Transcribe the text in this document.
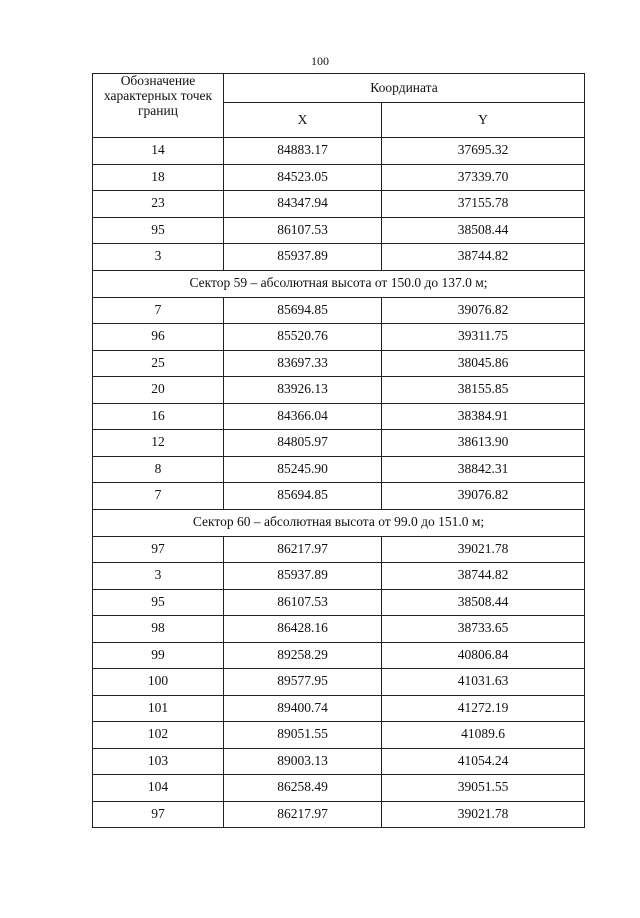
100
Обозначение характерных точек границ	Координата	
	X	Y
14	84883.17	37695.32
18	84523.05	37339.70
23	84347.94	37155.78
95	86107.53	38508.44
3	85937.89	38744.82
Сектор 59 – абсолютная высота от 150.0 до 137.0 м;		
7	85694.85	39076.82
96	85520.76	39311.75
25	83697.33	38045.86
20	83926.13	38155.85
16	84366.04	38384.91
12	84805.97	38613.90
8	85245.90	38842.31
7	85694.85	39076.82
Сектор 60 – абсолютная высота от 99.0 до 151.0 м;		
97	86217.97	39021.78
3	85937.89	38744.82
95	86107.53	38508.44
98	86428.16	38733.65
99	89258.29	40806.84
100	89577.95	41031.63
101	89400.74	41272.19
102	89051.55	41089.6
103	89003.13	41054.24
104	86258.49	39051.55
97	86217.97	39021.78
